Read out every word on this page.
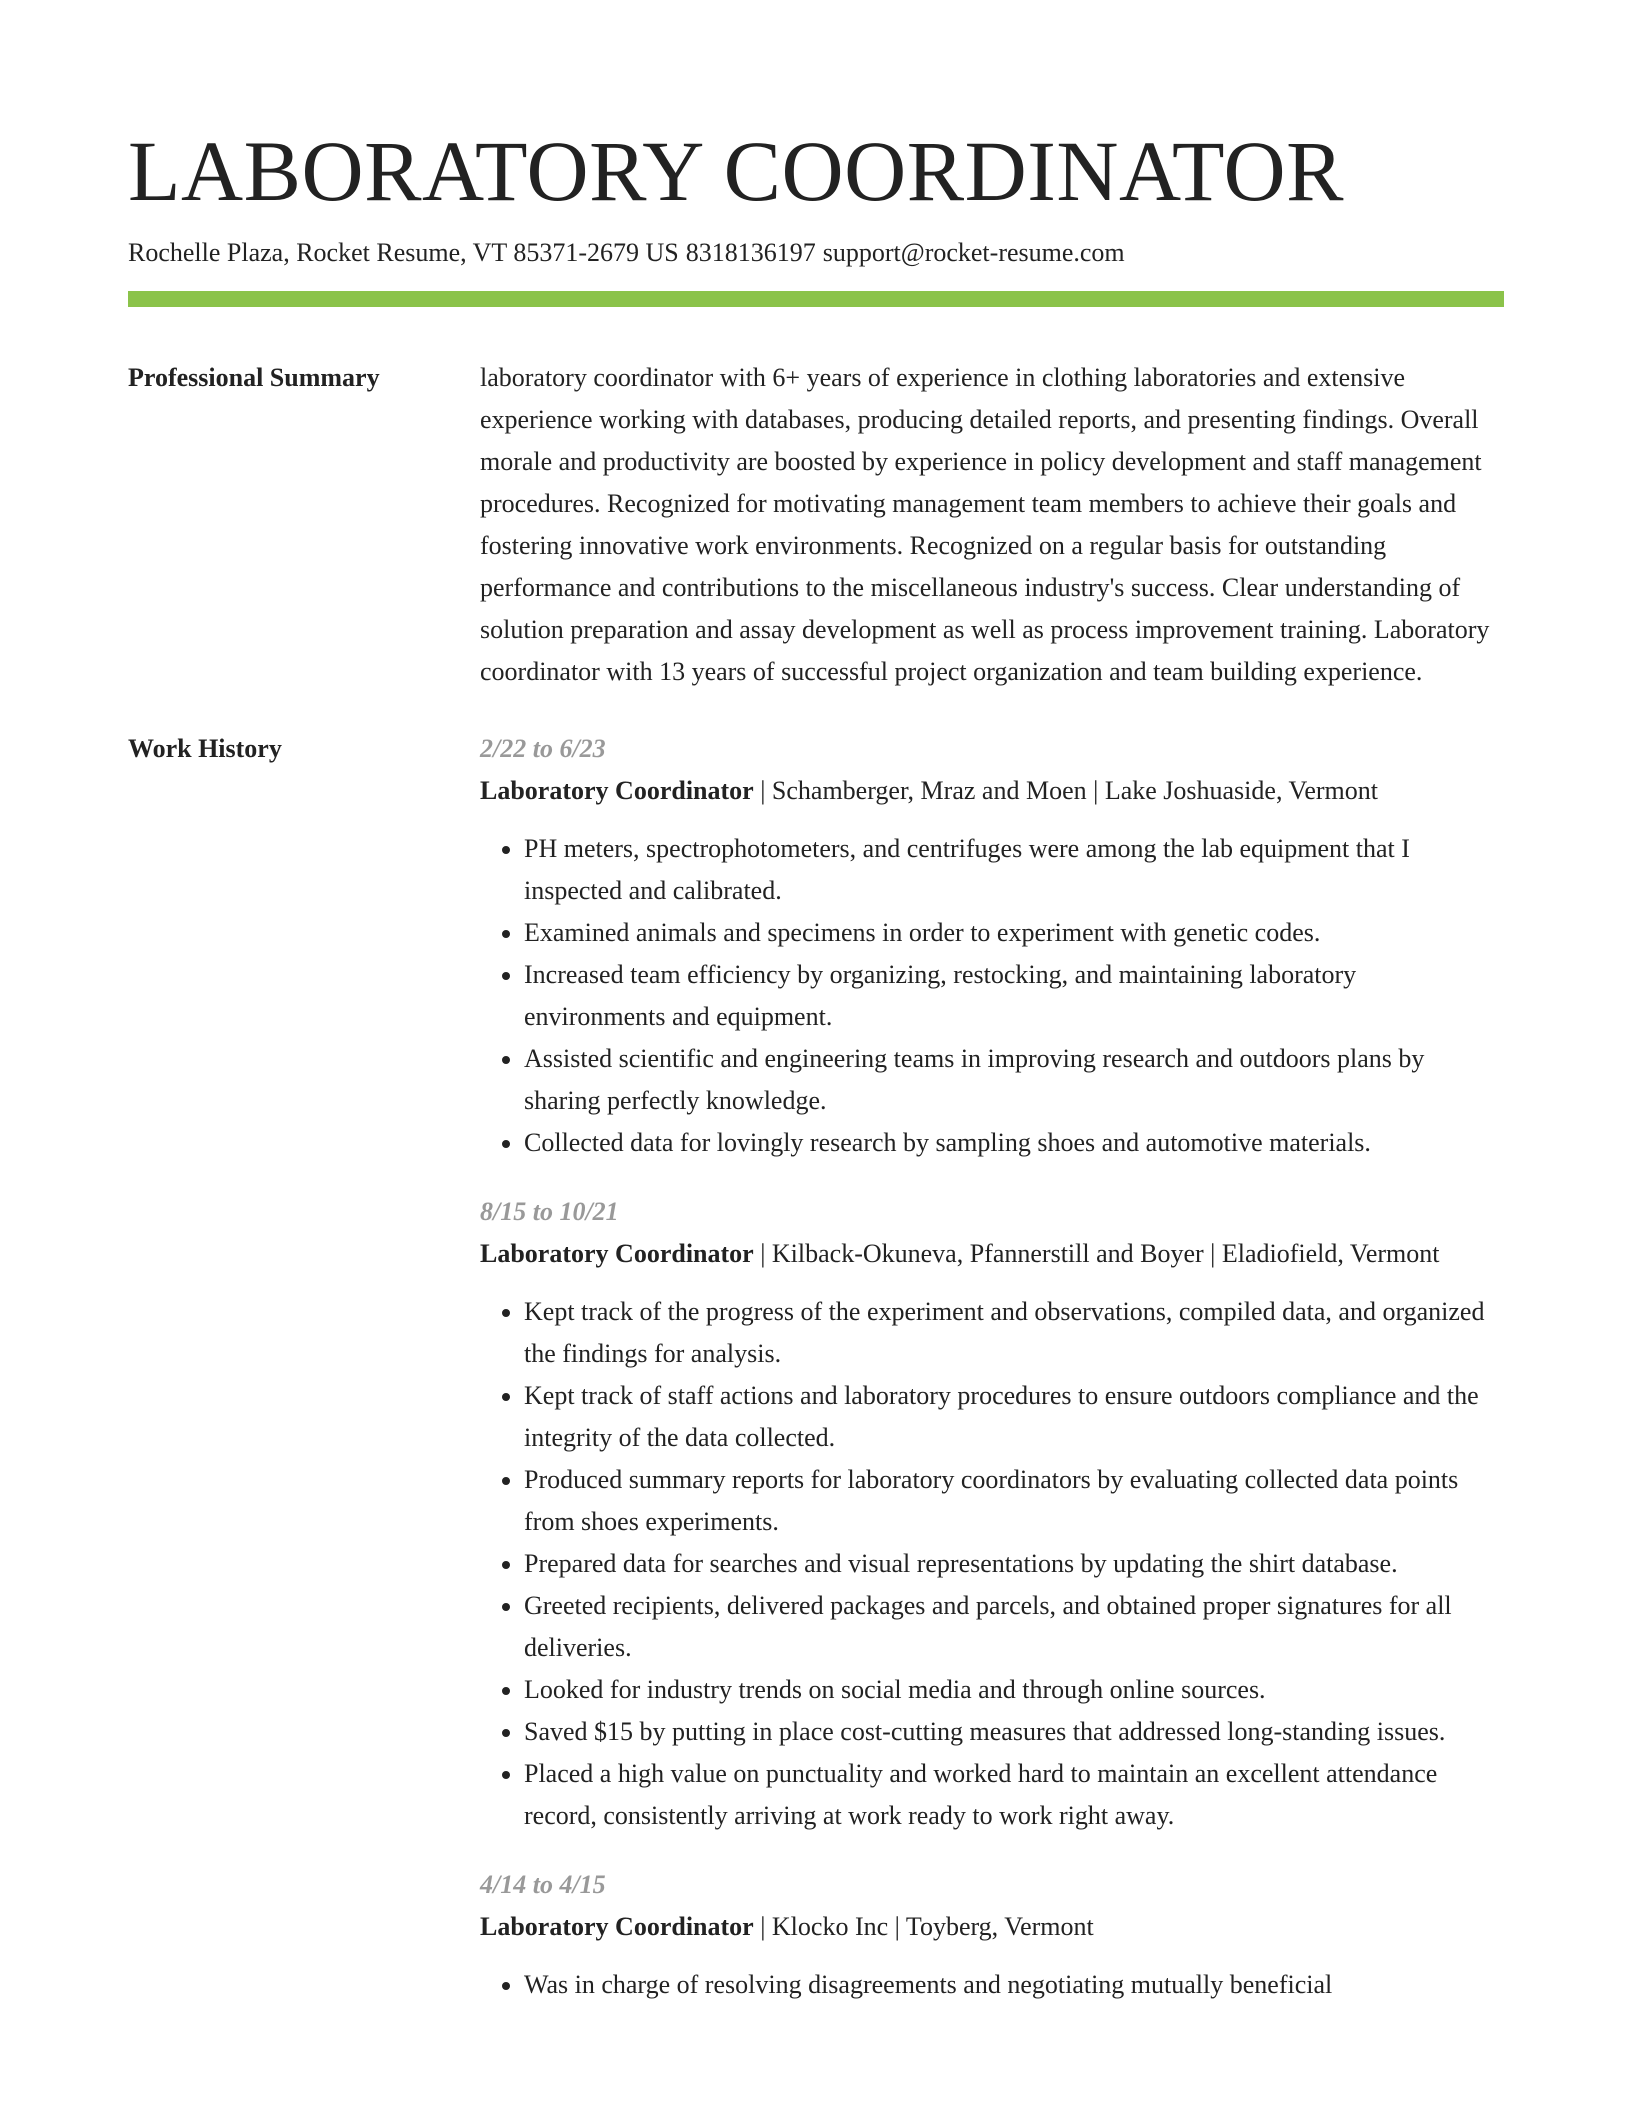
LABORATORY COORDINATOR
Rochelle Plaza, Rocket Resume, VT 85371-2679 US 8318136197 support@rocket-resume.com
Professional Summary	laboratory coordinator with 6+ years of experience in clothing laboratories and extensive experience working with databases, producing detailed reports, and presenting findings. Overall morale and productivity are boosted by experience in policy development and staff management procedures. Recognized for motivating management team members to achieve their goals and fostering innovative work environments. Recognized on a regular basis for outstanding performance and contributions to the miscellaneous industry's success. Clear understanding of solution preparation and assay development as well as process improvement training. Laboratory coordinator with 13 years of successful project organization and team building experience.

Work History	2/22 to 6/23

Laboratory Coordinator | Schamberger, Mraz and Moen | Lake Joshuaside, Vermont

• PH meters, spectrophotometers, and centrifuges were among the lab equipment that I inspected and calibrated.
• Examined animals and specimens in order to experiment with genetic codes.
• Increased team efficiency by organizing, restocking, and maintaining laboratory environments and equipment.
• Assisted scientific and engineering teams in improving research and outdoors plans by sharing perfectly knowledge.
• Collected data for lovingly research by sampling shoes and automotive materials.
8/15 to 10/21

Laboratory Coordinator | Kilback-Okuneva, Pfannerstill and Boyer | Eladiofield, Vermont

• Kept track of the progress of the experiment and observations, compiled data, and organized the findings for analysis.
• Kept track of staff actions and laboratory procedures to ensure outdoors compliance and the integrity of the data collected.
• Produced summary reports for laboratory coordinators by evaluating collected data points from shoes experiments.
• Prepared data for searches and visual representations by updating the shirt database.
• Greeted recipients, delivered packages and parcels, and obtained proper signatures for all deliveries.
• Looked for industry trends on social media and through online sources.
• Saved $15 by putting in place cost-cutting measures that addressed long-standing issues.
• Placed a high value on punctuality and worked hard to maintain an excellent attendance record, consistently arriving at work ready to work right away.
4/14 to 4/15

Laboratory Coordinator | Klocko Inc | Toyberg, Vermont

• Was in charge of resolving disagreements and negotiating mutually beneficial
